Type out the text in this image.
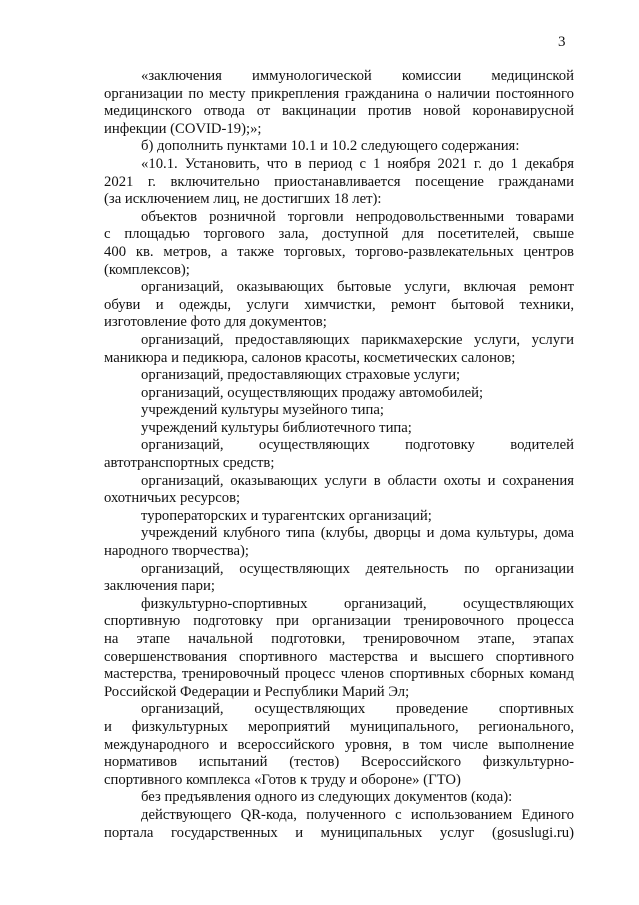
3
«заключения иммунологической комиссии медицинской
организации по месту прикрепления гражданина о наличии постоянного
медицинского отвода от вакцинации против новой коронавирусной
инфекции (COVID-19);»;
б) дополнить пунктами 10.1 и 10.2 следующего содержания:
«10.1. Установить, что в период с 1 ноября 2021 г. до 1 декабря
2021 г. включительно приостанавливается посещение гражданами
(за исключением лиц, не достигших 18 лет):
объектов розничной торговли непродовольственными товарами
с площадью торгового зала, доступной для посетителей, свыше
400 кв. метров, а также торговых, торгово-развлекательных центров
(комплексов);
организаций, оказывающих бытовые услуги, включая ремонт
обуви и одежды, услуги химчистки, ремонт бытовой техники,
изготовление фото для документов;
организаций, предоставляющих парикмахерские услуги, услуги
маникюра и педикюра, салонов красоты, косметических салонов;
организаций, предоставляющих страховые услуги;
организаций, осуществляющих продажу автомобилей;
учреждений культуры музейного типа;
учреждений культуры библиотечного типа;
организаций, осуществляющих подготовку водителей
автотранспортных средств;
организаций, оказывающих услуги в области охоты и сохранения
охотничьих ресурсов;
туроператорских и турагентских организаций;
учреждений клубного типа (клубы, дворцы и дома культуры, дома
народного творчества);
организаций, осуществляющих деятельность по организации
заключения пари;
физкультурно-спортивных организаций, осуществляющих
спортивную подготовку при организации тренировочного процесса
на этапе начальной подготовки, тренировочном этапе, этапах
совершенствования спортивного мастерства и высшего спортивного
мастерства, тренировочный процесс членов спортивных сборных команд
Российской Федерации и Республики Марий Эл;
организаций, осуществляющих проведение спортивных
и физкультурных мероприятий муниципального, регионального,
международного и всероссийского уровня, в том числе выполнение
нормативов испытаний (тестов) Всероссийского физкультурно-
спортивного комплекса «Готов к труду и обороне» (ГТО)
без предъявления одного из следующих документов (кода):
действующего QR-кода, полученного с использованием Единого
портала государственных и муниципальных услуг (gosuslugi.ru)
